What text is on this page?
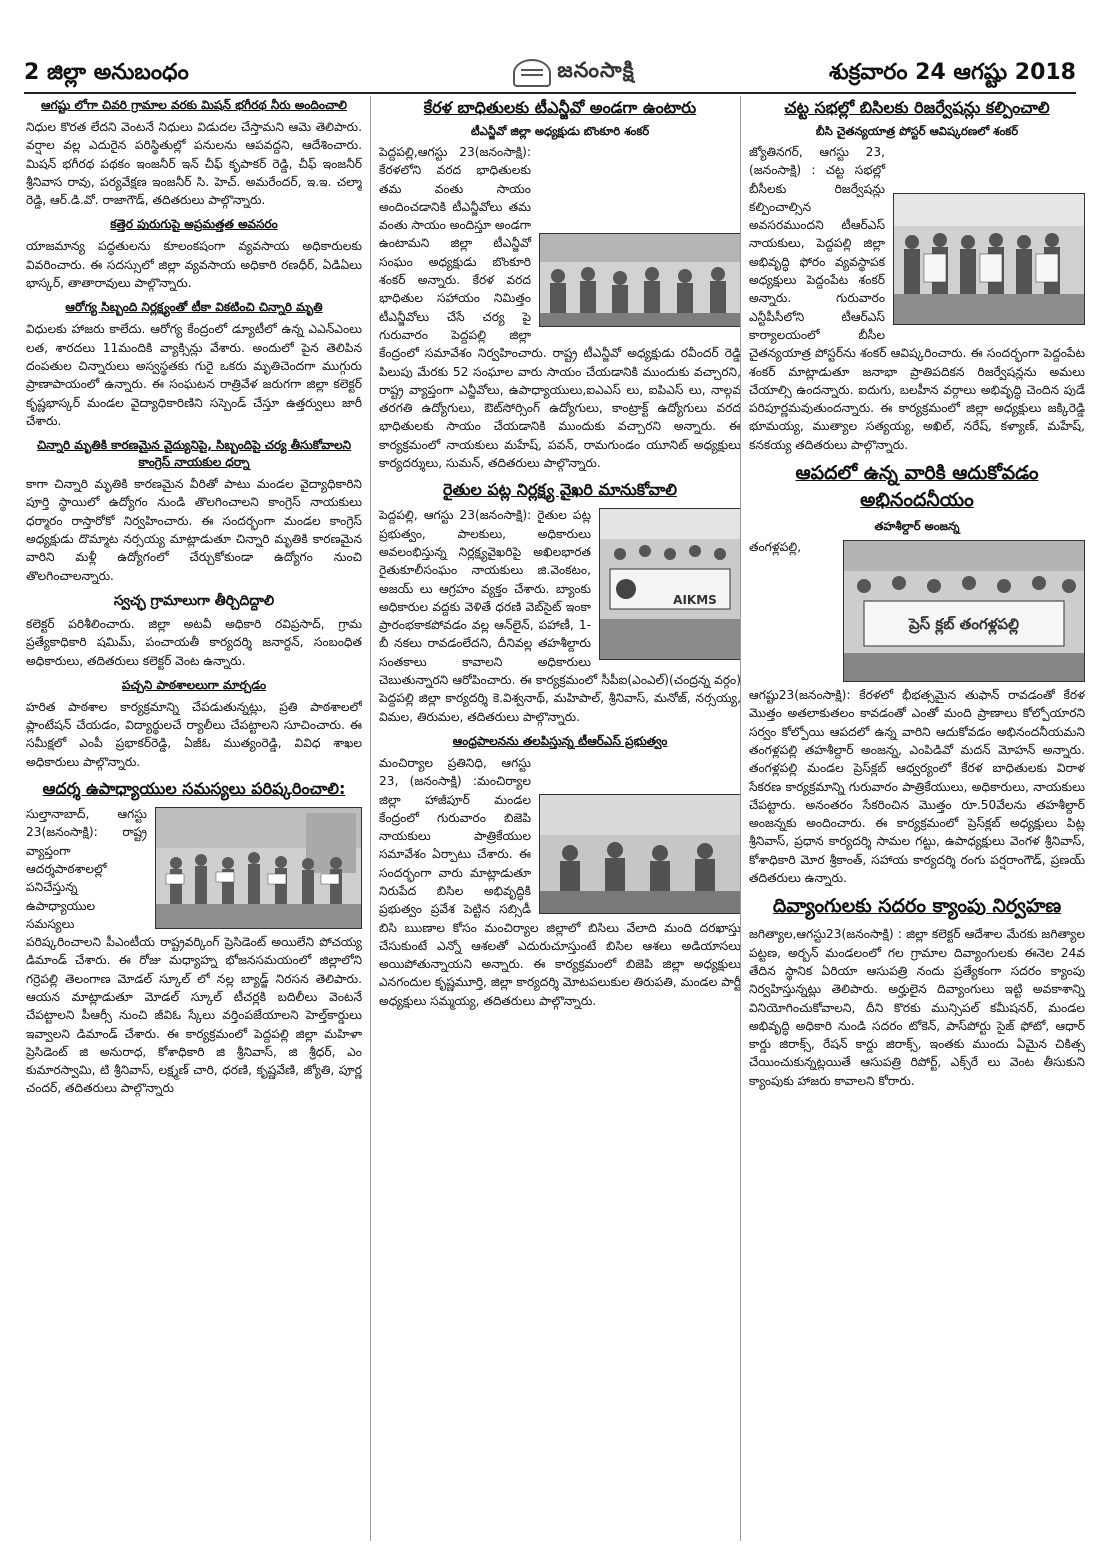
2 జిల్లా అనుబంధం	జనంసాక్షి	శుక్రవారం 24 ఆగష్టు 2018
ఆగష్టు లోగా చివరి గ్రామాల వరకు మిషన్ భగీరథ నీరు అందించాలి

నిధుల కొరత లేదని వెంటనే నిధులు విడుదల చేస్తామని ఆమె తెలిపారు. వర్షాల వల్ల ఎదురైన పరిస్థితుల్లో పనులను ఆపవద్దని, ఆదేశించారు. మిషన్ భగీరథ పథకం ఇంజనీర్ ఇన్ చీఫ్ కృపాకర్ రెడ్డి, చీఫ్ ఇంజనీర్ శ్రీనివాస రావు, పర్యవేక్షణ ఇంజనీర్ సి. హెచ్. అమరేందర్, ఇ.ఇ. చల్మా రెడ్డి, ఆర్.డి.వో. రాజాగౌడ్, తదితరులు పాల్గొన్నారు.

కత్తెర పురుగుపై అప్రమత్తత అవసరం

యాజమాన్య పద్ధతులను కూలంకషంగా వ్యవసాయ అధికారులకు వివరించారు. ఈ సదస్సులో జిల్లా వ్యవసాయ అధికారి రణధీర్, ఏడిఏలు భాస్కర్, తాతారావులు పాల్గొన్నారు.

ఆరోగ్య సిబ్బంది నిర్లక్ష్యంతో టీకా వికటించి చిన్నారి మృతి

విధులకు హాజరు కాలేదు. ఆరోగ్య కేంద్రంలో డ్యూటీలో ఉన్న ఎఎన్ఎంలు లత, శారదలు 11మందికి వ్యాక్సిన్లు వేశారు. అందులో పైన తెలిపిన దంపతుల చిన్నారులు అస్వస్థతకు గురై ఒకరు మృతిచెందగా ముగ్గురు ప్రాణాపాయంలో ఉన్నారు. ఈ సంఘటన రాత్రివేళ జరుగగా జిల్లా కలెక్టర్ కృష్ణభాస్కర్ మండల వైద్యాధికారిణిని సస్పెండ్ చేస్తూ ఉత్తర్వులు జారీ చేశారు.

చిన్నారి మృతికి కారణమైన వైద్యునిపై, సిబ్బందిపై చర్య తీసుకోవాలని కాంగ్రెస్ నాయకుల ధర్నా

కాగా చిన్నారి మృతికి కారణమైన వీరితో పాటు మండల వైద్యాధికారిని పూర్తి స్థాయిలో ఉద్యోగం నుండి తొలగించాలని కాంగ్రెస్ నాయకులు ధర్మారం రాస్తారోకో నిర్వహించారు. ఈ సందర్భంగా మండల కాంగ్రెస్ అధ్యక్షుడు దొమ్మాట నర్సయ్య మాట్లాడుతూ చిన్నారి మృతికి కారణమైన వారిని మళ్లీ ఉద్యోగంలో చేర్చుకోకుండా ఉద్యోగం నుంచి తొలగించాలన్నారు.

స్వచ్ఛ గ్రామాలుగా తీర్చిదిద్దాలి

కలెక్టర్ పరిశీలించారు. జిల్లా అటవీ అధికారి రవిప్రసాద్, గ్రామ ప్రత్యేకాధికారి షమిమ్, పంచాయతీ కార్యదర్శి జనార్దన్, సంబంధిత అధికారులు, తదితరులు కలెక్టర్ వెంట ఉన్నారు.

పచ్చని పాఠశాలలుగా మార్చడం

హరిత పాఠశాల కార్యక్రమాన్ని చేపడుతున్నట్లు, ప్రతి పాఠశాలలో ప్లాంటేషన్ చేయడం, విద్యార్థులచే ర్యాలీలు చేపట్టాలని సూచించారు. ఈ సమీక్షలో ఎంపీ ప్రభాకర్‌రెడ్డి, ఏజీఓ ముత్యంరెడ్డి, వివిధ శాఖల అధికారులు పాల్గొన్నారు.

ఆదర్శ ఉపాధ్యాయుల సమస్యలు పరిష్కరించాలి:

సుల్తానాబాద్, ఆగస్టు 23(జనంసాక్షి): రాష్ట్ర వ్యాప్తంగా ఆదర్శపాఠశాలల్లో పనిచేస్తున్న ఉపాధ్యాయుల సమస్యలు పరిష్కరించాలని పీఎంటీయ రాష్ట్రవర్కింగ్ ప్రెసిడెంట్ అయిలేని పోచయ్య డిమాండ్ చేశారు. ఈ రోజు మధ్యాహ్న భోజనసమయంలో జిల్లాలోని గర్రెపల్లి తెలంగాణ మోడల్ స్కూల్ లో నల్ల బ్యాడ్జ్ నిరసన తెలిపారు. ఆయన మాట్లాడుతూ మోడల్ స్కూల్ టీచర్లకి బదిలీలు వెంటనే చేపట్టాలని పీఆర్సీ నుంచి జీవిఓ స్కేలు వర్తింపజేయాలని హెల్త్‌కార్డులు ఇవ్వాలని డిమాండ్ చేశారు. ఈ కార్యక్రమంలో పెద్దపల్లి జిల్లా మహిళా ప్రెసిడెంట్ జి అనురాధ, కోశాధికారి జి శ్రీనివాస్, జి శ్రీధర్, ఎం కుమారస్వామి, టి శ్రీనివాస్, లక్ష్మణ్ చారి, ధరణి, కృష్ణవేణి, జ్యోతి, పూర్ణ చందర్, తదితరులు పాల్గొన్నారు

కేరళ బాధితులకు టీఎన్జీవో అండగా ఉంటారు
టీఎన్జీవో జిల్లా అధ్యక్షుడు బొంకూరి శంకర్

పెద్దపల్లి,ఆగస్టు 23(జనంసాక్షి): కేరళలోని వరద భాధితులకు తమ వంతు సాయం అందించడానికి టీఎన్జీవోలు తమ వంతు సాయం అందిస్తూ అండగా ఉంటామని జిల్లా టీఎన్జీవో సంఘం అధ్యక్షుడు బొంకూరి శంకర్ అన్నారు. కేరళ వరద భాధితుల సహాయం నిమిత్తం టీఎన్జీవోలు చేసే చర్య పై గురువారం పెద్దపల్లి జిల్లా కేంద్రంలో సమావేశం నిర్వహించారు. రాష్ట్ర టీఎన్జీవో అధ్యక్షుడు రవీందర్ రెడ్డి పిలుపు మేరకు 52 సంఘాల వారు సాయం చేయడానికి ముందుకు వచ్చారని, రాష్ట్ర వ్యాప్తంగా ఎన్జీవోలు, ఉపాధ్యాయులు,ఐఎఎస్ లు, ఐపిఎస్ లు, నాల్గవ తరగతి ఉద్యోగులు, ఔట్‌సోర్సింగ్ ఉద్యోగులు, కాంట్రాక్ట్ ఉద్యోగులు వరద భాధితులకు సాయం చేయడానికి ముందుకు వచ్చారని అన్నారు. ఈ కార్యక్రమంలో నాయకులు మహేష్, పవన్, రామగుండం యూనిట్ అధ్యక్షులు కార్యదర్శులు, సుమన్, తదితరులు పాల్గొన్నారు.

రైతుల పట్ల నిర్లక్ష్య వైఖరి మానుకోవాలి
AIKMS

పెద్దపల్లి, ఆగస్టు 23(జనంసాక్షి): రైతుల పట్ల ప్రభుత్వం, పాలకులు, అధికారులు అవలంభిస్తున్న నిర్లక్ష్యవైఖరిపై అఖిలభారత రైతుకూలీసంఘం నాయకులు జి.వెంకటం, అజయ్ లు ఆగ్రహం వ్యక్తం చేశారు. బ్యాంకు అధికారుల వద్దకు వెళితే ధరణి వెబ్‌సైట్ ఇంకా ప్రారంభకాకపోవడం వల్ల ఆన్‌లైన్, పహాణీ, 1-బీ నకలు రావడంలేదని, దీనివల్ల తహశీల్దారు సంతకాలు కావాలని అధికారులు చెబుతున్నారని ఆరోపించారు. ఈ కార్యక్రమంలో సీపీఐ(ఎంఎల్)(చంద్రన్న వర్గం) పెద్దపల్లి జిల్లా కార్యదర్శి కె.విశ్వనాథ్, మహిపాల్, శ్రీనివాస్, మనోజ్, నర్సయ్య, విమల, తిరుమల, తదితరులు పాల్గొన్నారు.

ఆంధ్రపాలనను తలపిస్తున్న టీఆర్ఎస్ ప్రభుత్వం

మంచిర్యాల ప్రతినిధి, ఆగస్టు 23, (జనంసాక్షి) :మంచిర్యాల జిల్లా హాజీపూర్ మండల కేంద్రంలో గురువారం బిజెపి నాయకులు పాత్రికేయుల సమావేశం ఏర్పాటు చేశారు. ఈ సందర్భంగా వారు మాట్లాడుతూ నిరుపేద బిసిల అభివృద్ధికి ప్రభుత్వం ప్రవేశ పెట్టిన సబ్సిడీ బిసి ఋణాల కోసం మంచిర్యాల జిల్లాలో బిసిలు వేలాది మంది దరఖాస్తు చేసుకుంటే ఎన్నో ఆశలతో ఎదురుచూస్తుంటే బిసిల ఆశలు అడియాసలు అయిపోతున్నాయని అన్నారు. ఈ కార్యక్రమంలో బిజెపి జిల్లా అధ్యక్షులు ఎనగందుల కృష్ణమూర్తి, జిల్లా కార్యదర్శి మోటపలుకుల తిరుపతి, మండల పార్టీ అధ్యక్షులు సమ్మయ్య, తదితరులు పాల్గొన్నారు.

చట్ట సభల్లో బిసిలకు రిజర్వేషన్లు కల్పించాలి
బీసి చైతన్యయాత్ర పోస్టర్ ఆవిష్కరణలో శంకర్

జ్యోతినగర్, ఆగస్టు 23, (జనంసాక్షి) : చట్ట సభల్లో బీసీలకు రిజర్వేషన్లు కల్పించాల్సిన అవసరముందని టీఆర్ఎస్ నాయకులు, పెద్దపల్లి జిల్లా అభివృద్ధి ఫోరం వ్యవస్థాపక అధ్యక్షులు పెద్దంపేట శంకర్ అన్నారు. గురువారం ఎన్టీపీసీలోని టీఆర్ఎస్ కార్యాలయంలో బీసీల చైతన్యయాత్ర పోస్టర్‌ను శంకర్ ఆవిష్కరించారు. ఈ సందర్భంగా పెద్దంపేట శంకర్ మాట్లాడుతూ జనాభా ప్రాతిపదికన రిజర్వేషన్లను అమలు చేయాల్సి ఉందన్నారు. ఐదుగు, బలహీన వర్గాలు అభివృద్ధి చెందిన పుడే పరిపూర్ణమవుతుందన్నారు. ఈ కార్యక్రమంలో జిల్లా అధ్యక్షులు జక్కిరెడ్డి భూమయ్య, ముత్యాల సత్యయ్య, అఖిల్, నరేష్, కళ్యాణ్, మహేష్, కనకయ్య తదితరులు పాల్గొన్నారు.

ఆపదలో ఉన్న వారికి ఆదుకోవడం అభినందనీయం
తహశీల్దార్ అంజన్న
ప్రెస్ క్లబ్ తంగళ్లపల్లి

తంగళ్లపల్లి, ఆగష్టు23(జనంసాక్షి): కేరళలో భీభత్సమైన తుఫాన్ రావడంతో కేరళ మొత్తం అతలాకుతలం కావడంతో ఎంతో మంది ప్రాణాలు కోల్పోయారని సర్వం కోల్పోయి ఆపదలో ఉన్న వారిని ఆదుకోవడం అభినందనీయమని తంగళ్లపల్లి తహశీల్దార్ అంజన్న, ఎంపిడివో మదన్ మోహన్ అన్నారు. తంగళ్లపల్లి మండల ప్రెస్‌క్లబ్ ఆధ్వర్యంలో కేరళ బాధితులకు విరాళ సేకరణ కార్యక్రమాన్ని గురువారం పాత్రికేయులు, అధికారులు, నాయకులు చేపట్టారు. అనంతరం సేకరించిన మొత్తం రూ.50వేలను తహశీల్దార్ అంజన్నకు అందించారు. ఈ కార్యక్రమంలో ప్రెస్‌క్లబ్ అధ్యక్షులు పిట్ల శ్రీనివాస్, ప్రధాన కార్యదర్శి సామల గట్టు, ఉపాధ్యక్షులు వెంగళ శ్రీనివాస్, కోశాధికారి మోర శ్రీకాంత్, సహాయ కార్యదర్శి రంగు పర్షరాంగౌడ్, ప్రణయ్ తదితరులు ఉన్నారు.

దివ్యాంగులకు సదరం క్యాంపు నిర్వహణ

జగిత్యాల,ఆగస్టు23(జనంసాక్షి) : జిల్లా కలెక్టర్ ఆదేశాల మేరకు జగిత్యాల పట్టణ, అర్బన్ మండలంలో గల గ్రామాల దివ్యాంగులకు ఈనెల 24వ తేదిన స్థానిక ఏరియా ఆసుపత్రి నందు ప్రత్యేకంగా సదరం క్యాంపు నిర్వహిస్తున్నట్లు తెలిపారు. అర్హులైన దివ్యాంగులు ఇట్టి అవకాశాన్ని వినియోగించుకోవాలని, దీని కొరకు మున్సిపల్ కమీషనర్, మండల అభివృద్ధి అధికారి నుండి సదరం టోకెన్, పాస్‌పోర్టు సైజ్ ఫోటో, ఆధార్ కార్డు జిరాక్స్, రేషన్ కార్డు జిరాక్స్, ఇంతకు ముందు ఏమైన చికిత్స చేయించుకున్నట్లయితే ఆసుపత్రి రిపోర్ట్, ఎక్స్‌రే లు వెంట తీసుకుని క్యాంపుకు హాజరు కావాలని కోరారు.
